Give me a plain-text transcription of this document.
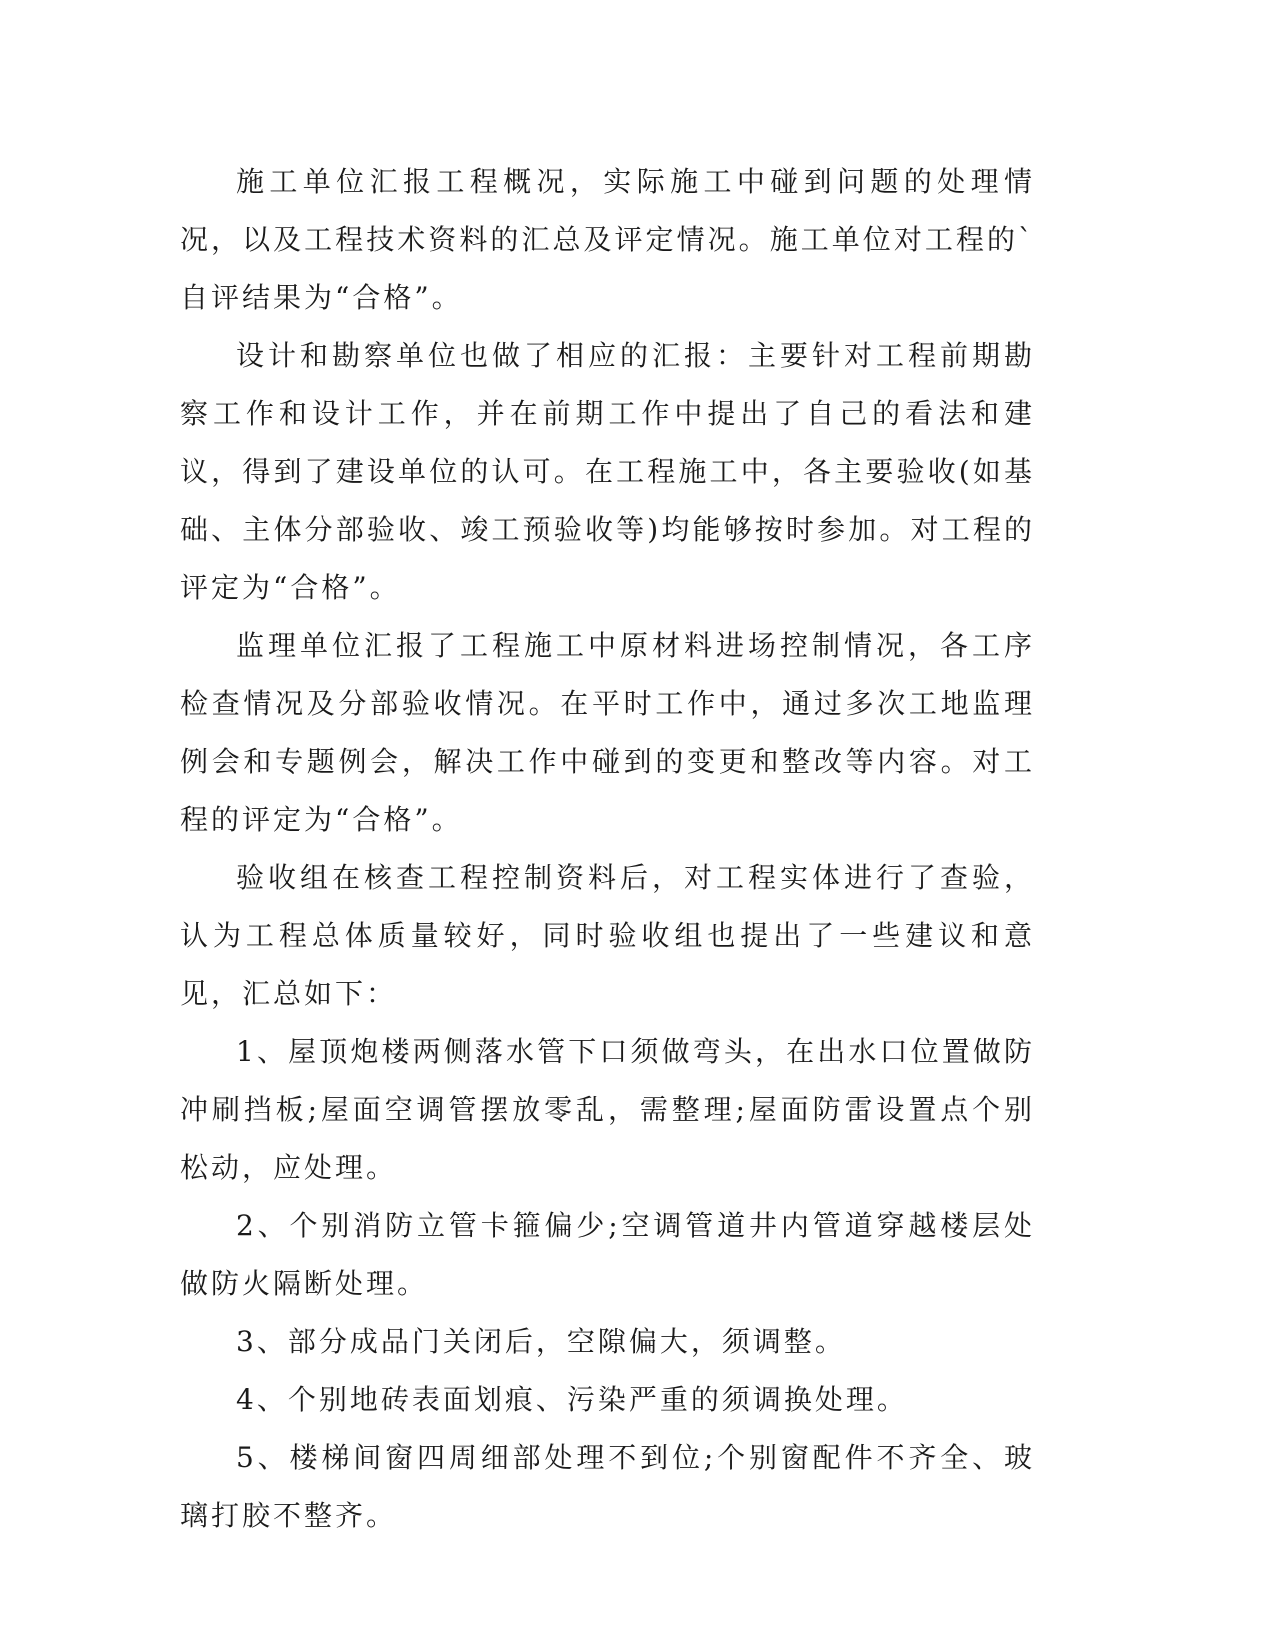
施工单位汇报工程概况，实际施工中碰到问题的处理情况，以及工程技术资料的汇总及评定情况。施工单位对工程的`自评结果为“合格”。

设计和勘察单位也做了相应的汇报：主要针对工程前期勘察工作和设计工作，并在前期工作中提出了自己的看法和建议，得到了建设单位的认可。在工程施工中，各主要验收(如基础、主体分部验收、竣工预验收等)均能够按时参加。对工程的评定为“合格”。

监理单位汇报了工程施工中原材料进场控制情况，各工序检查情况及分部验收情况。在平时工作中，通过多次工地监理例会和专题例会，解决工作中碰到的变更和整改等内容。对工程的评定为“合格”。

验收组在核查工程控制资料后，对工程实体进行了查验，认为工程总体质量较好，同时验收组也提出了一些建议和意见，汇总如下：

1、屋顶炮楼两侧落水管下口须做弯头，在出水口位置做防冲刷挡板;屋面空调管摆放零乱，需整理;屋面防雷设置点个别松动，应处理。

2、个别消防立管卡箍偏少;空调管道井内管道穿越楼层处做防火隔断处理。

3、部分成品门关闭后，空隙偏大，须调整。

4、个别地砖表面划痕、污染严重的须调换处理。

5、楼梯间窗四周细部处理不到位;个别窗配件不齐全、玻璃打胶不整齐。
